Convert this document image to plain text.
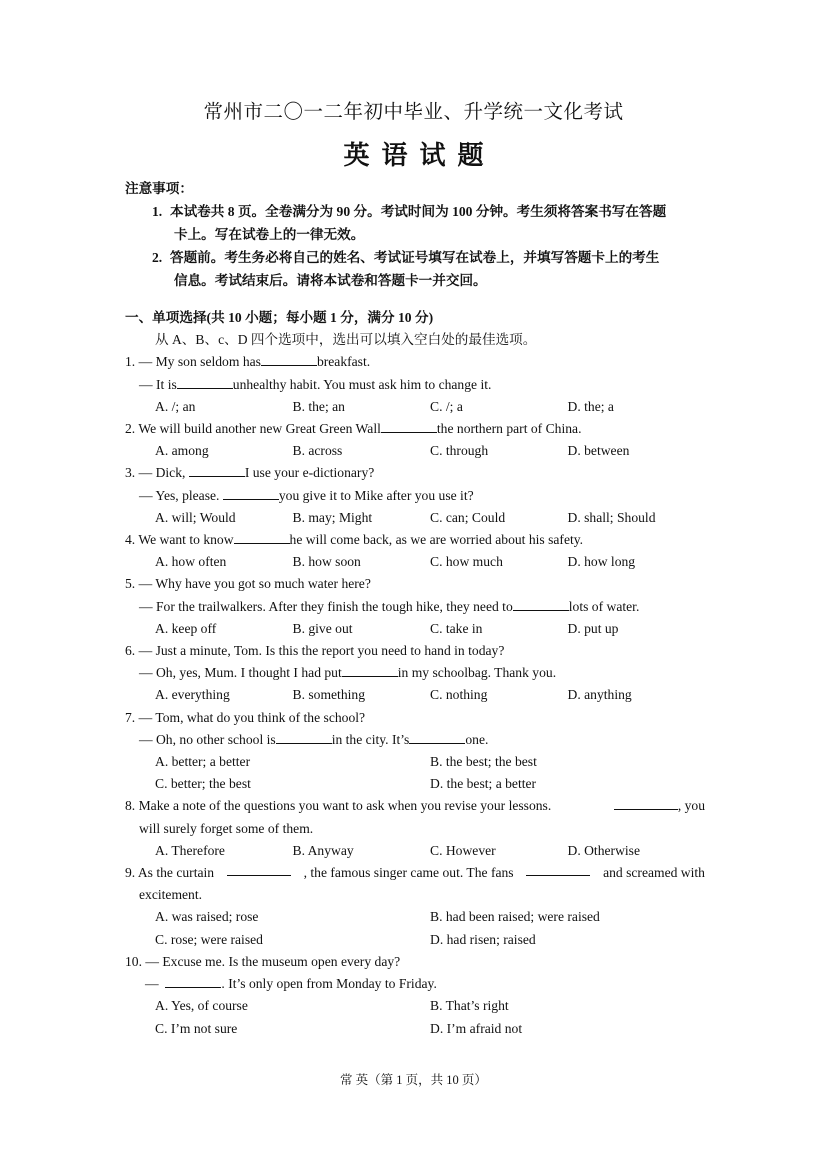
常州市二〇一二年初中毕业、升学统一文化考试
英语试题
注意事项：
1. 本试卷共 8 页。全卷满分为 90 分。考试时间为 100 分钟。考生须将答案书写在答题
卡上。写在试卷上的一律无效。
2. 答题前。考生务必将自己的姓名、考试证号填写在试卷上，并填写答题卡上的考生
信息。考试结束后。请将本试卷和答题卡一并交回。
一、单项选择(共 10 小题；每小题 1 分，满分 10 分)
从 A、B、c、D 四个选项中，选出可以填入空白处的最佳选项。
1. — My son seldom has	breakfast.
— It is	unhealthy habit. You must ask him to change it.
A. /; an	B. the; an	C. /; a	D. the; a
2. We will build another new Great Green Wall	the northern part of China.
A. among	B. across	C. through	D. between
3. — Dick,	I use your e-dictionary?
— Yes, please.	you give it to Mike after you use it?
A. will; Would	B. may; Might	C. can; Could	D. shall; Should
4. We want to know	he will come back, as we are worried about his safety.
A. how often	B. how soon	C. how much	D. how long
5. — Why have you got so much water here?
— For the trailwalkers. After they finish the tough hike, they need to	lots of water.
A. keep off	B. give out	C. take in	D. put up
6. — Just a minute, Tom. Is this the report you need to hand in today?
— Oh, yes, Mum. I thought I had put	in my schoolbag. Thank you.
A. everything	B. something	C. nothing	D. anything
7. — Tom, what do you think of the school?
— Oh, no other school is	in the city. It’s	one.
A. better; a better	B. the best; the best
C. better; the best	D. the best; a better
8. Make a note of the questions you want to ask when you revise your lessons.	, you
will surely forget some of them.
A. Therefore	B. Anyway	C. However	D. Otherwise
9. As the curtain	, the famous singer came out. The fans	and screamed with
excitement.
A. was raised; rose	B. had been raised; were raised
C. rose; were raised	D. had risen; raised
10. — Excuse me. Is the museum open every day?
—	. It’s only open from Monday to Friday.
A. Yes, of course	B. That’s right
C. I’m not sure	D. I’m afraid not
常 英（第 1 页，共 10 页）
